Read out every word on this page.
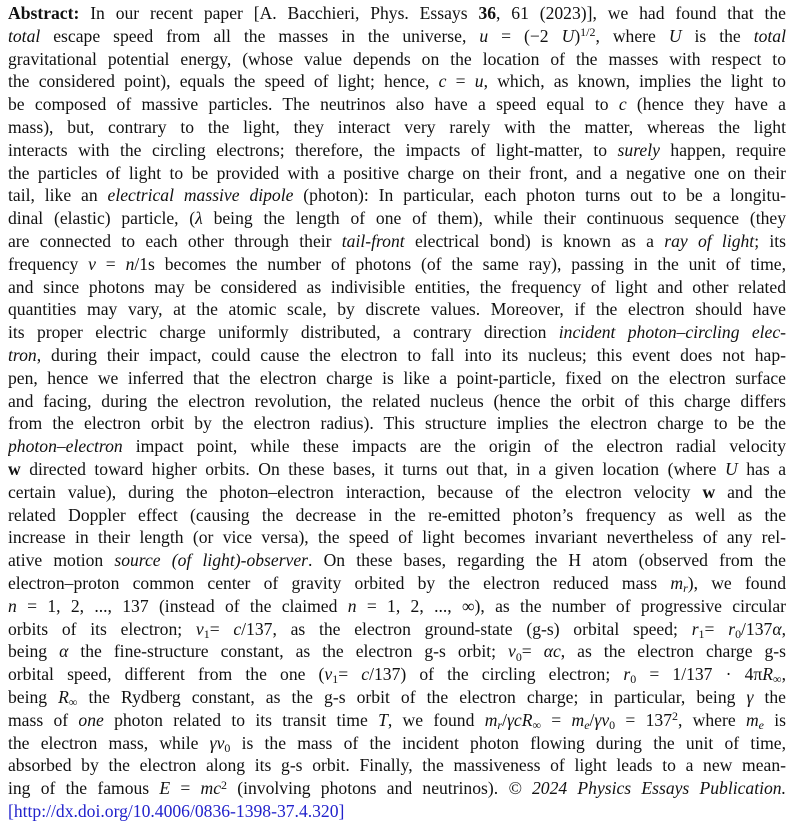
Abstract: In our recent paper [A. Bacchieri, Phys. Essays 36, 61 (2023)], we had found that the
total escape speed from all the masses in the universe, u = (−2 U)$^{1/2}$, where U is the total
gravitational potential energy, (whose value depends on the location of the masses with respect to
the considered point), equals the speed of light; hence, c = u, which, as known, implies the light to
be composed of massive particles. The neutrinos also have a speed equal to c (hence they have a
mass), but, contrary to the light, they interact very rarely with the matter, whereas the light
interacts with the circling electrons; therefore, the impacts of light-matter, to surely happen, require
the particles of light to be provided with a positive charge on their front, and a negative one on their
tail, like an electrical massive dipole (photon): In particular, each photon turns out to be a longitu-
dinal (elastic) particle, (λ being the length of one of them), while their continuous sequence (they
are connected to each other through their tail-front electrical bond) is known as a ray of light; its
frequency ν = n/1s becomes the number of photons (of the same ray), passing in the unit of time,
and since photons may be considered as indivisible entities, the frequency of light and other related
quantities may vary, at the atomic scale, by discrete values. Moreover, if the electron should have
its proper electric charge uniformly distributed, a contrary direction incident photon–circling elec-
tron, during their impact, could cause the electron to fall into its nucleus; this event does not hap-
pen, hence we inferred that the electron charge is like a point-particle, fixed on the electron surface
and facing, during the electron revolution, the related nucleus (hence the orbit of this charge differs
from the electron orbit by the electron radius). This structure implies the electron charge to be the
photon–electron impact point, while these impacts are the origin of the electron radial velocity
w directed toward higher orbits. On these bases, it turns out that, in a given location (where U has a
certain value), during the photon–electron interaction, because of the electron velocity w and the
related Doppler effect (causing the decrease in the re-emitted photon’s frequency as well as the
increase in their length (or vice versa), the speed of light becomes invariant nevertheless of any rel-
ative motion source (of light)-observer. On these bases, regarding the H atom (observed from the
electron–proton common center of gravity orbited by the electron reduced mass mr), we found
n = 1, 2, ..., 137 (instead of the claimed n = 1, 2, ..., ∞), as the number of progressive circular
orbits of its electron; v1= c/137, as the electron ground-state (g-s) orbital speed; r1= r0/137α,
being α the fine-structure constant, as the electron g-s orbit; v0= αc, as the electron charge g-s
orbital speed, different from the one (v1= c/137) of the circling electron; r0 = 1/137 · 4πR∞,
being R∞ the Rydberg constant, as the g-s orbit of the electron charge; in particular, being γ the
mass of one photon related to its transit time T, we found $mr/\gamma cR\infty = me/\gamma\nu 0 = 137^2$, where me is
the electron mass, while γν0 is the mass of the incident photon flowing during the unit of time,
absorbed by the electron along its g-s orbit. Finally, the massiveness of light leads to a new mean-
ing of the famous $E = mc^2$ (involving photons and neutrinos). © 2024 Physics Essays Publication.
[http://dx.doi.org/10.4006/0836-1398-37.4.320]
